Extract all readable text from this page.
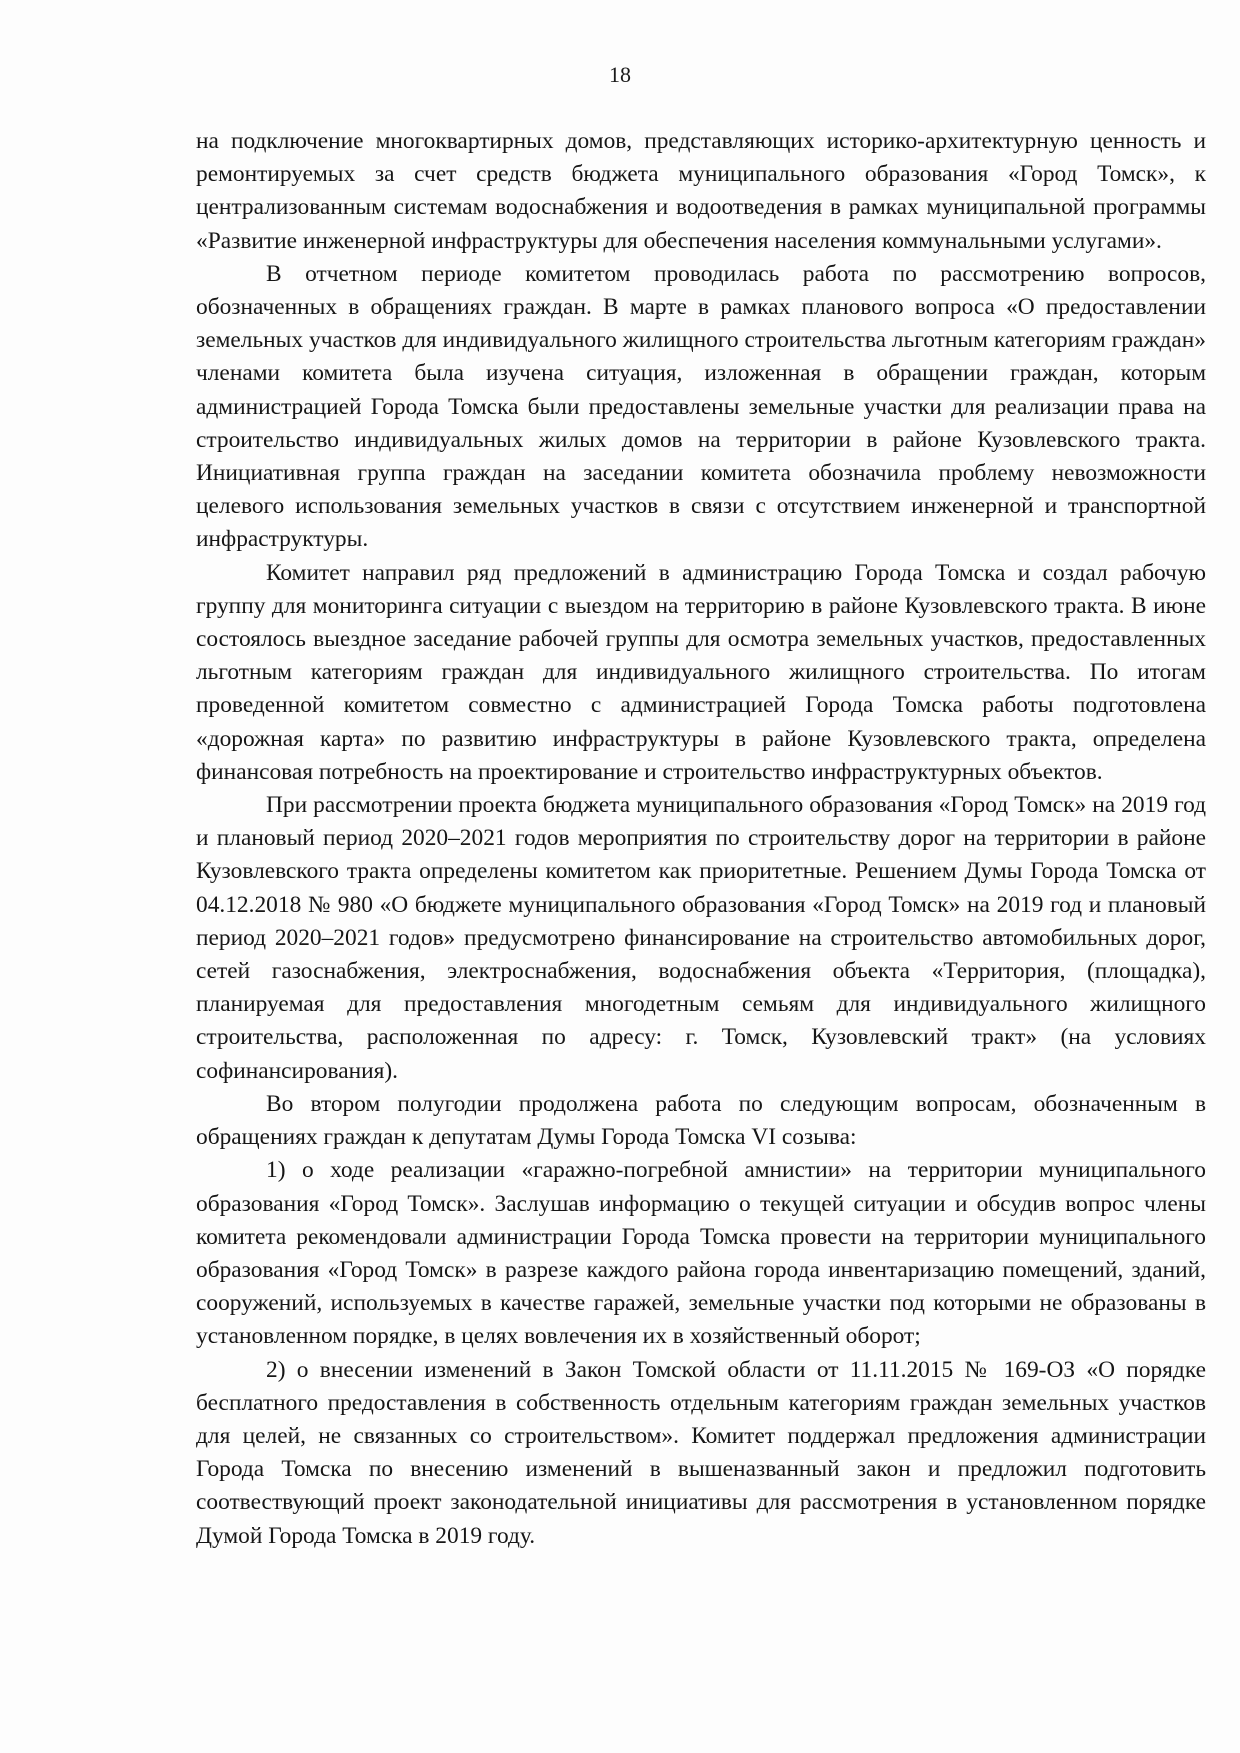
18

на подключение многоквартирных домов, представляющих историко-архитектурную ценность и ремонтируемых за счет средств бюджета муниципального образования «Город Томск», к централизованным системам водоснабжения и водоотведения в рамках муниципальной программы «Развитие инженерной инфраструктуры для обеспечения населения коммунальными услугами».

В отчетном периоде комитетом проводилась работа по рассмотрению вопросов, обозначенных в обращениях граждан. В марте в рамках планового вопроса «О предоставлении земельных участков для индивидуального жилищного строительства льготным категориям граждан» членами комитета была изучена ситуация, изложенная в обращении граждан, которым администрацией Города Томска были предоставлены земельные участки для реализации права на строительство индивидуальных жилых домов на территории в районе Кузовлевского тракта. Инициативная группа граждан на заседании комитета обозначила проблему невозможности целевого использования земельных участков в связи с отсутствием инженерной и транспортной инфраструктуры.

Комитет направил ряд предложений в администрацию Города Томска и создал рабочую группу для мониторинга ситуации с выездом на территорию в районе Кузовлевского тракта. В июне состоялось выездное заседание рабочей группы для осмотра земельных участков, предоставленных льготным категориям граждан для индивидуального жилищного строительства. По итогам проведенной комитетом совместно с администрацией Города Томска работы подготовлена «дорожная карта» по развитию инфраструктуры в районе Кузовлевского тракта, определена финансовая потребность на проектирование и строительство инфраструктурных объектов.

При рассмотрении проекта бюджета муниципального образования «Город Томск» на 2019 год и плановый период 2020–2021 годов мероприятия по строительству дорог на территории в районе Кузовлевского тракта определены комитетом как приоритетные. Решением Думы Города Томска от 04.12.2018 № 980 «О бюджете муниципального образования «Город Томск» на 2019 год и плановый период 2020–2021 годов» предусмотрено финансирование на строительство автомобильных дорог, сетей газоснабжения, электроснабжения, водоснабжения объекта «Территория, (площадка), планируемая для предоставления многодетным семьям для индивидуального жилищного строительства, расположенная по адресу: г. Томск, Кузовлевский тракт» (на условиях софинансирования).

Во втором полугодии продолжена работа по следующим вопросам, обозначенным в обращениях граждан к депутатам Думы Города Томска VI созыва:

1) о ходе реализации «гаражно-погребной амнистии» на территории муниципального образования «Город Томск». Заслушав информацию о текущей ситуации и обсудив вопрос члены комитета рекомендовали администрации Города Томска провести на территории муниципального образования «Город Томск» в разрезе каждого района города инвентаризацию помещений, зданий, сооружений, используемых в качестве гаражей, земельные участки под которыми не образованы в установленном порядке, в целях вовлечения их в хозяйственный оборот;

2) о внесении изменений в Закон Томской области от 11.11.2015 № 169-ОЗ «О порядке бесплатного предоставления в собственность отдельным категориям граждан земельных участков для целей, не связанных со строительством». Комитет поддержал предложения администрации Города Томска по внесению изменений в вышеназванный закон и предложил подготовить соотвествующий проект законодательной инициативы для рассмотрения в установленном порядке Думой Города Томска в 2019 году.
